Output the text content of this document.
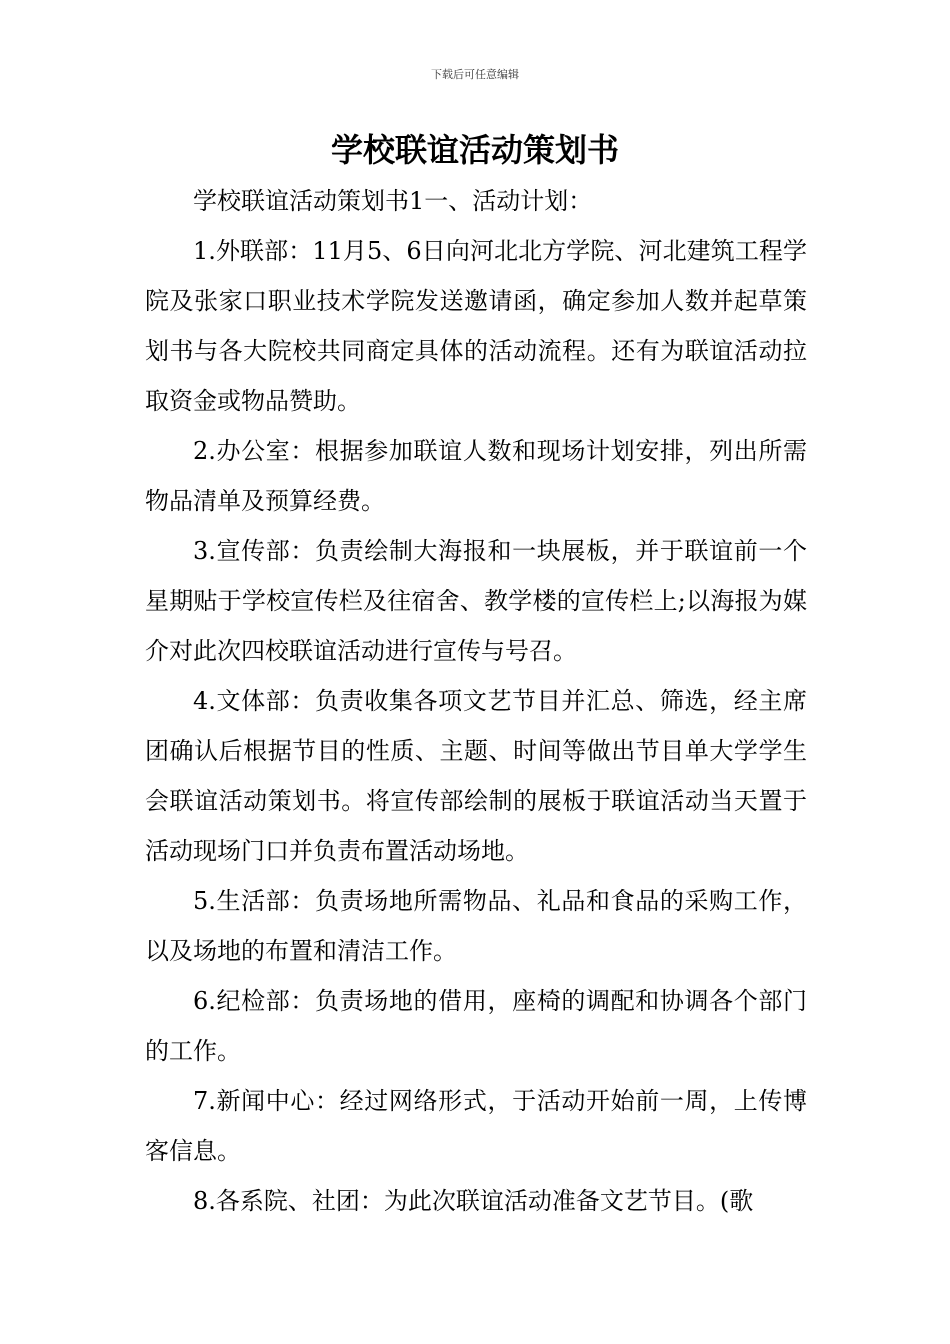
下载后可任意编辑
学校联谊活动策划书

学校联谊活动策划书1一、活动计划：

1.外联部：11月5、6日向河北北方学院、河北建筑工程学院及张家口职业技术学院发送邀请函，确定参加人数并起草策划书与各大院校共同商定具体的活动流程。还有为联谊活动拉取资金或物品赞助。

2.办公室：根据参加联谊人数和现场计划安排，列出所需物品清单及预算经费。

3.宣传部：负责绘制大海报和一块展板，并于联谊前一个星期贴于学校宣传栏及往宿舍、教学楼的宣传栏上;以海报为媒介对此次四校联谊活动进行宣传与号召。

4.文体部：负责收集各项文艺节目并汇总、筛选，经主席团确认后根据节目的性质、主题、时间等做出节目单大学学生会联谊活动策划书。将宣传部绘制的展板于联谊活动当天置于活动现场门口并负责布置活动场地。

5.生活部：负责场地所需物品、礼品和食品的采购工作，以及场地的布置和清洁工作。

6.纪检部：负责场地的借用，座椅的调配和协调各个部门的工作。

7.新闻中心：经过网络形式，于活动开始前一周，上传博客信息。

8.各系院、社团：为此次联谊活动准备文艺节目。(歌
